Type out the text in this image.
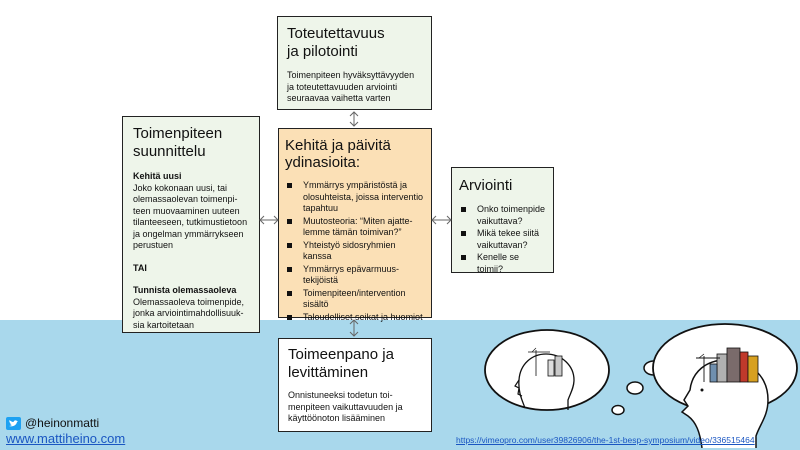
Toteutettavuus
ja pilotointi
Toimenpiteen hyväksyttävyyden ja toteutettavuuden arviointi seuraavaa vaihetta varten
Toimenpiteen
suunnittelu
Kehitä uusi
Joko kokonaan uusi, tai olemassaolevan toimenpi-teen muovaaminen uuteen tilanteeseen, tutkimustietoon ja ongelman ymmärrykseen perustuen
TAI
Tunnista olemassaoleva
Olemassaoleva toimenpide, jonka arviointimahdollisuuk-sia kartoitetaan
Kehitä ja päivitä
ydinasioita:
Ymmärrys ympäristöstä ja olosuhteista, joissa interventio tapahtuu
Muutosteoria: “Miten ajatte-lemme tämän toimivan?”
Yhteistyö sidosryhmien kanssa
Ymmärrys epävarmuus-tekijöistä
Toimenpiteen/intervention sisältö
Taloudelliset seikat ja huomiot
Arviointi
Onko toimenpide vaikuttava?
Mikä tekee siitä vaikuttavan?
Kenelle se toimii?
Toimeenpano ja
levittäminen
Onnistuneeksi todetun toi-menpiteen vaikuttavuuden ja käyttöönoton lisääminen
@heinonmatti
www.mattiheino.com	https://vimeopro.com/user39826906/the-1st-besp-symposium/video/336515464
